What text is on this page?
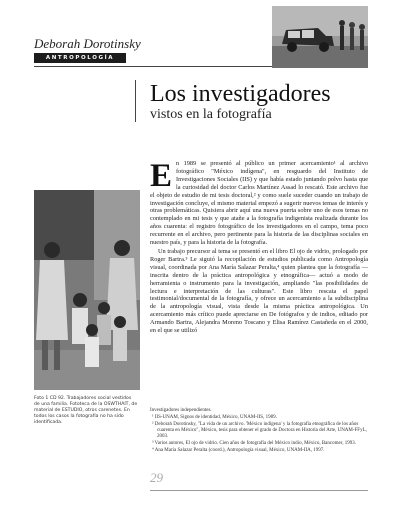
Deborah Dorotinsky
ANTROPOLOGÍA
Los investigadores
vistos en la fotografía
Foto 1 CD 92. Trabajadores social vestidos de una familia. Fototeca de la OSWTHAIT, de material de ESTUDIO, otros carenetes. En todos los casos la fotografía no ha sido identificada.

En 1989 se presentó al público un primer acercamiento¹ al archivo fotográfico "México indígena", en resguardo del Instituto de Investigaciones Sociales (IIS) y que había estado juntando polvo hasta que la curiosidad del doctor Carlos Martínez Assad lo rescató. Este archivo fue el objeto de estudio de mi tesis doctoral,² y como suele suceder cuando un trabajo de investigación concluye, el mismo material empezó a sugerir nuevos temas de interés y otras problemáticas. Quisiera abrir aquí una nueva puerta sobre uno de esos temas no contemplado en mi tesis y que atañe a la fotografía indigenista realizada durante los años cuarenta: el registro fotográfico de los investigadores en el campo, tema poco recurrente en el archivo, pero pertinente para la historia de las disciplinas sociales en nuestro país, y para la historia de la fotografía.

Un trabajo precursor al tema se presentó en el libro El ojo de vidrio, prologado por Roger Bartra.³ Le siguió la recopilación de estudios publicada como Antropología visual, coordinada por Ana María Salazar Peralta,⁴ quien plantea que la fotografía —inscrita dentro de la práctica antropológica y etnográfica— actuó a modo de herramienta o instrumento para la investigación, ampliando "las posibilidades de lectura e interpretación de las culturas". Este libro rescata el papel testimonial/documental de la fotografía, y ofrece un acercamiento a la subdisciplina de la antropología visual, vista desde la misma práctica antropológica. Un acercamiento más crítico puede apreciarse en De fotógrafos y de indios, editado por Armando Bartra, Alejandra Moreno Toscano y Elisa Ramírez Castañeda en el 2000, en el que se utilizó

Investigadores independientes.

¹ IIS-UNAM, Signos de identidad, México, UNAM-IIS, 1989.

² Deborah Dorotinsky, "La vida de un archivo. 'México indígena' y la fotografía etnográfica de los años cuarenta en México", México, tesis para obtener el grado de Doctora en Historia del Arte, UNAM-FFyL, 2003.

³ Varios autores, El ojo de vidrio. Cien años de fotografía del México indio, México, Bancomer, 1993.

⁴ Ana María Salazar Peralta (coord.), Antropología visual, México, UNAM-IIA, 1997.

29
